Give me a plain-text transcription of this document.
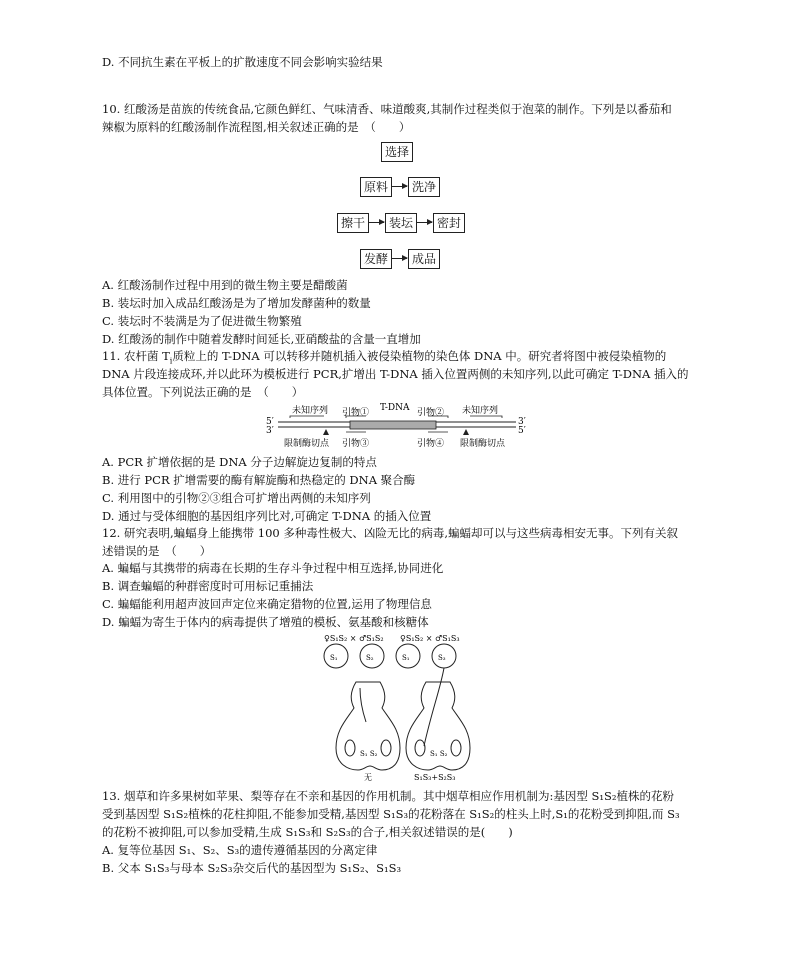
D. 不同抗生素在平板上的扩散速度不同会影响实验结果
10. 红酸汤是苗族的传统食品,它颜色鲜红、气味清香、味道酸爽,其制作过程类似于泡菜的制作。下列是以番茄和
辣椒为原料的红酸汤制作流程图,相关叙述正确的是　（　　）
选择
原料	洗净
擦干	装坛	密封
发酵	成品
A. 红酸汤制作过程中用到的微生物主要是醋酸菌
B. 装坛时加入成品红酸汤是为了增加发酵菌种的数量
C. 装坛时不装满是为了促进微生物繁殖
D. 红酸汤的制作中随着发酵时间延长,亚硝酸盐的含量一直增加
11. 农杆菌 $T_i$质粒上的 T-DNA 可以转移并随机插入被侵染植物的染色体 DNA 中。研究者将图中被侵染植物的
DNA 片段连接成环,并以此环为模板进行 PCR,扩增出 T-DNA 插入位置两侧的未知序列,以此可确定 T-DNA 插入的
具体位置。下列说法正确的是　（　　）
5′
3′
3′
5′
未知序列	未知序列
引物① T-DNA 引物②
引物③	引物④
限制酶切点	限制酶切点
A. PCR 扩增依据的是 DNA 分子边解旋边复制的特点
B. 进行 PCR 扩增需要的酶有解旋酶和热稳定的 DNA 聚合酶
C. 利用图中的引物②③组合可扩增出两侧的未知序列
D. 通过与受体细胞的基因组序列比对,可确定 T-DNA 的插入位置
12. 研究表明,蝙蝠身上能携带 100 多种毒性极大、凶险无比的病毒,蝙蝠却可以与这些病毒相安无事。下列有关叙
述错误的是　（　　）
A. 蝙蝠与其携带的病毒在长期的生存斗争过程中相互选择,协同进化
B. 调查蝙蝠的种群密度时可用标记重捕法
C. 蝙蝠能利用超声波回声定位来确定猎物的位置,运用了物理信息
D. 蝙蝠为寄生于体内的病毒提供了增殖的模板、氨基酸和核糖体
♀S₁S₂ × ♂S₁S₂ ♀S₁S₂ × ♂S₁S₃
S₁	S₂	S₁	S₃
S₁ S₂	S₁ S₂
无	S₁S₃+S₂S₃
13. 烟草和许多果树如苹果、梨等存在不亲和基因的作用机制。其中烟草相应作用机制为:基因型 S₁S₂植株的花粉
受到基因型 S₁S₂植株的花柱抑阻,不能参加受精,基因型 S₁S₃的花粉落在 S₁S₂的柱头上时,S₁的花粉受到抑阻,而 S₃
的花粉不被抑阻,可以参加受精,生成 S₁S₃和 S₂S₃的合子,相关叙述错误的是(　　)
A. 复等位基因 S₁、S₂、S₃的遗传遵循基因的分离定律
B. 父本 S₁S₃与母本 S₂S₃杂交后代的基因型为 S₁S₂、S₁S₃
